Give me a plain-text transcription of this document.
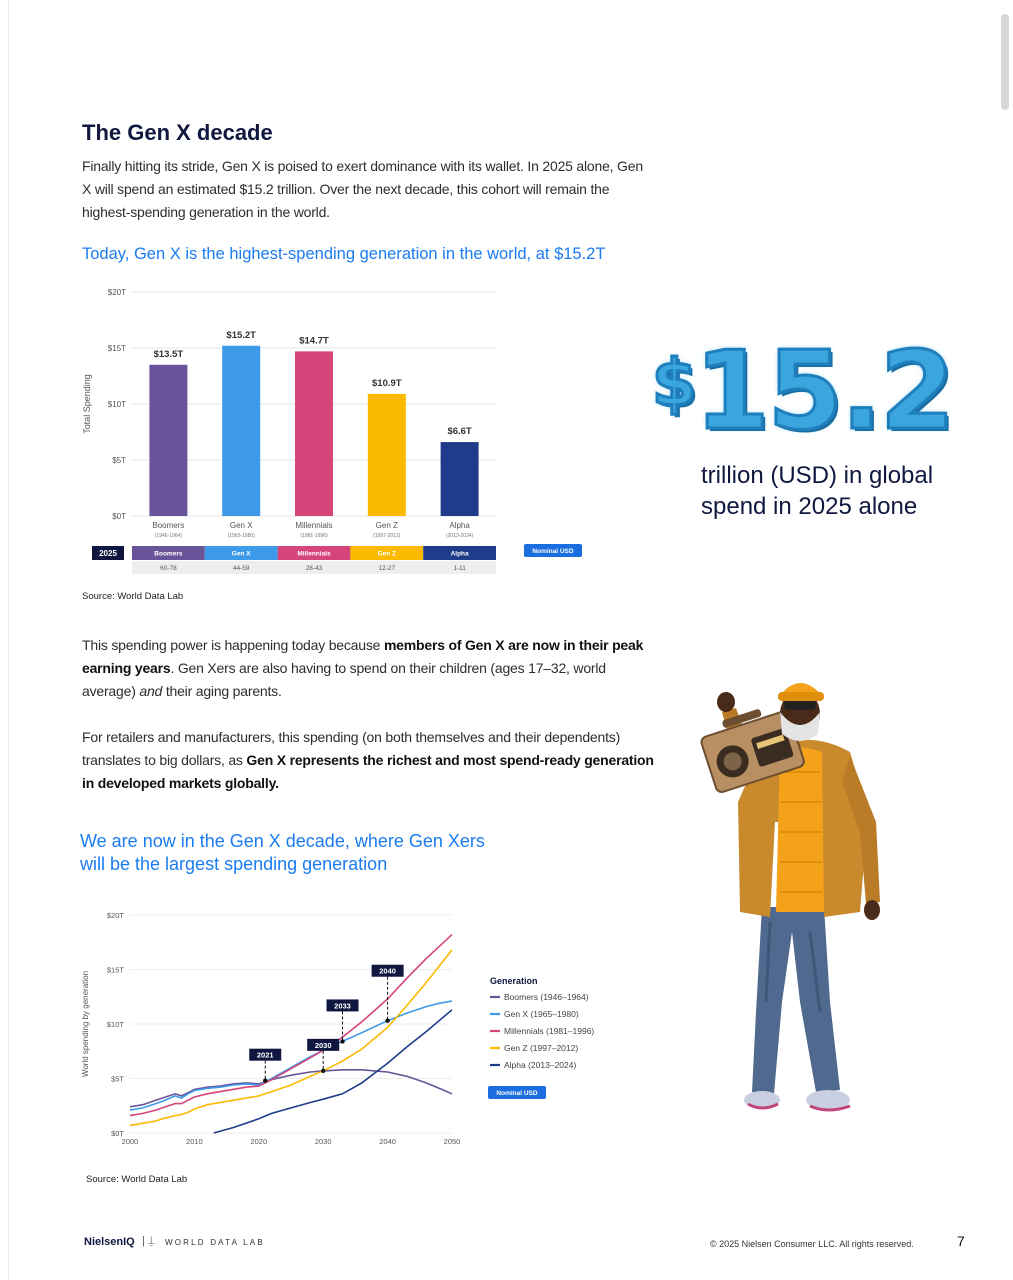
The Gen X decade

Finally hitting its stride, Gen X is poised to exert dominance with its wallet. In 2025 alone, Gen X will spend an estimated $15.2 trillion. Over the next decade, this cohort will remain the highest-spending generation in the world.

Today, Gen X is the highest-spending generation in the world, at $15.2T
$0T
$5T
$10T
$15T
$20T
Total Spending
$13.5T
Boomers
(1946-1964)
$15.2T
Gen X
(1965-1980)
$14.7T
Millennials
(1981-1996)
$10.9T
Gen Z
(1997-2012)
$6.6T
Alpha
(2013-2024)
2025	Boomers
60-78
Gen X
44-59
Millennials
28-43
Gen Z
12-27
Alpha
1-11
Nominal USD

Source: World Data Lab

$15.2
trillion (USD) in global spend in 2025 alone

This spending power is happening today because members of Gen X are now in their peak earning years. Gen Xers are also having to spend on their children (ages 17–32, world average) and their aging parents.

For retailers and manufacturers, this spending (on both themselves and their dependents) translates to big dollars, as Gen X represents the richest and most spend-ready generation in developed markets globally.

We are now in the Gen X decade, where Gen Xers will be the largest spending generation
$0T
$5T
$10T
$15T
$20T
2000	2010	2020	2030	2040	2050
World spending by generation	2021
2030
2033
2040
Generation
Boomers (1946–1964)
Gen X (1965–1980)
Millennials (1981–1996)
Gen Z (1997–2012)
Alpha (2013–2024)
Nominal USD

Source: World Data Lab

NielsenIQ | ⍊ WORLD DATA LAB	© 2025 Nielsen Consumer LLC. All rights reserved.	7
